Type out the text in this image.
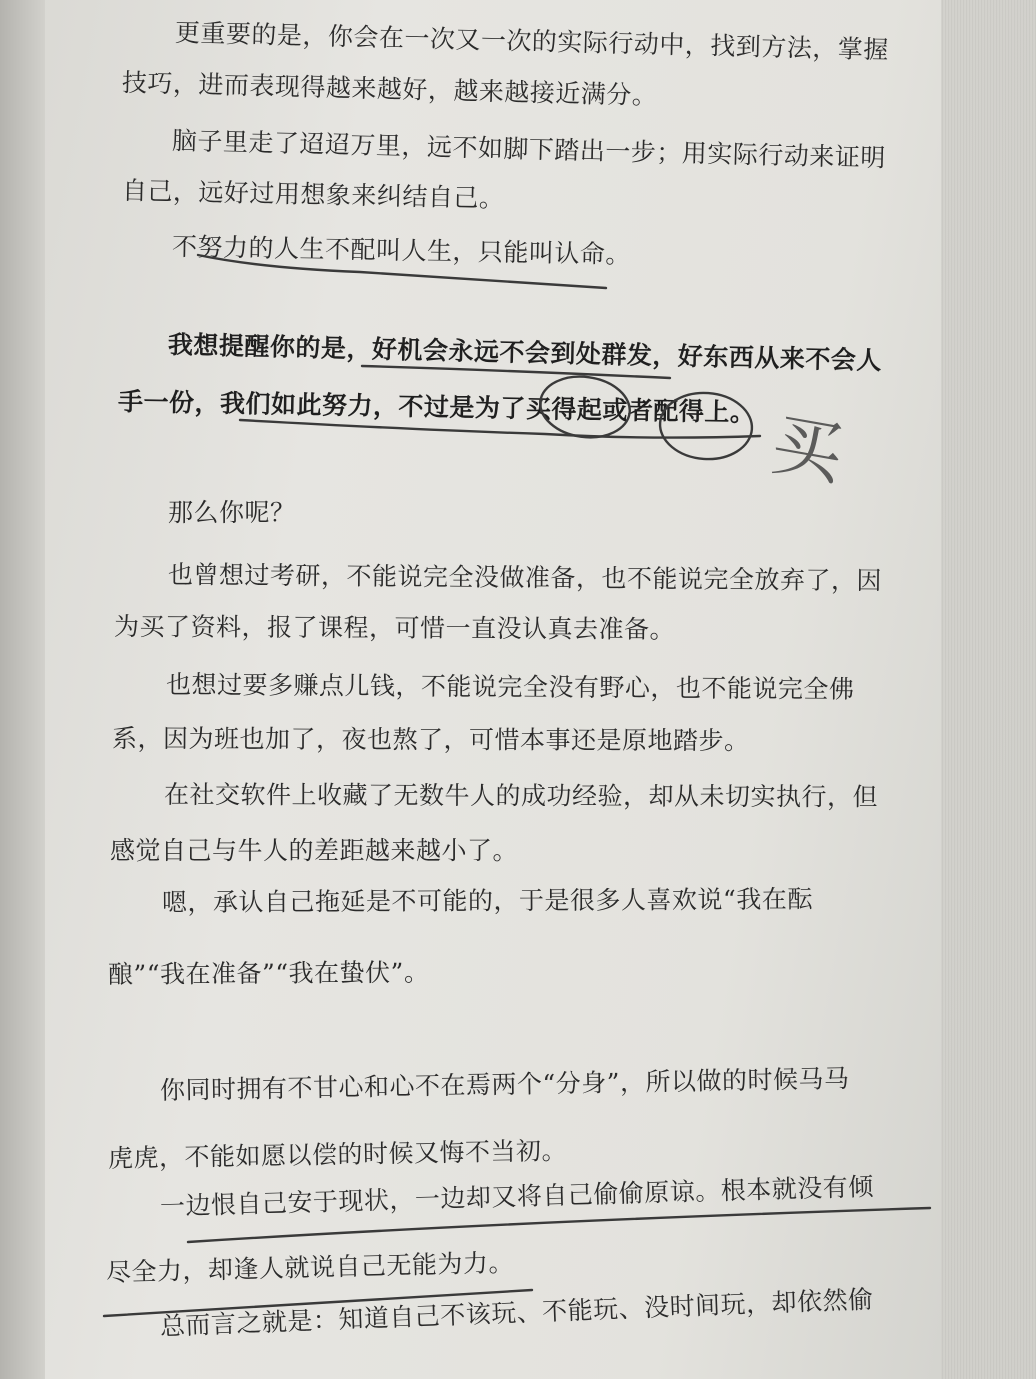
更重要的是，你会在一次又一次的实际行动中，找到方法，掌握
技巧，进而表现得越来越好，越来越接近满分。
脑子里走了迢迢万里，远不如脚下踏出一步；用实际行动来证明
自己，远好过用想象来纠结自己。
不努力的人生不配叫人生，只能叫认命。
我想提醒你的是，好机会永远不会到处群发，好东西从来不会人
手一份，我们如此努力，不过是为了买得起或者配得上。
那么你呢？
也曾想过考研，不能说完全没做准备，也不能说完全放弃了，因
为买了资料，报了课程，可惜一直没认真去准备。
也想过要多赚点儿钱，不能说完全没有野心，也不能说完全佛
系，因为班也加了，夜也熬了，可惜本事还是原地踏步。
在社交软件上收藏了无数牛人的成功经验，却从未切实执行，但
感觉自己与牛人的差距越来越小了。
嗯，承认自己拖延是不可能的，于是很多人喜欢说“我在酝
酿”“我在准备”“我在蛰伏”。
你同时拥有不甘心和心不在焉两个“分身”，所以做的时候马马
虎虎，不能如愿以偿的时候又悔不当初。
一边恨自己安于现状，一边却又将自己偷偷原谅。根本就没有倾
尽全力，却逢人就说自己无能为力。
总而言之就是：知道自己不该玩、不能玩、没时间玩，却依然偷
买
